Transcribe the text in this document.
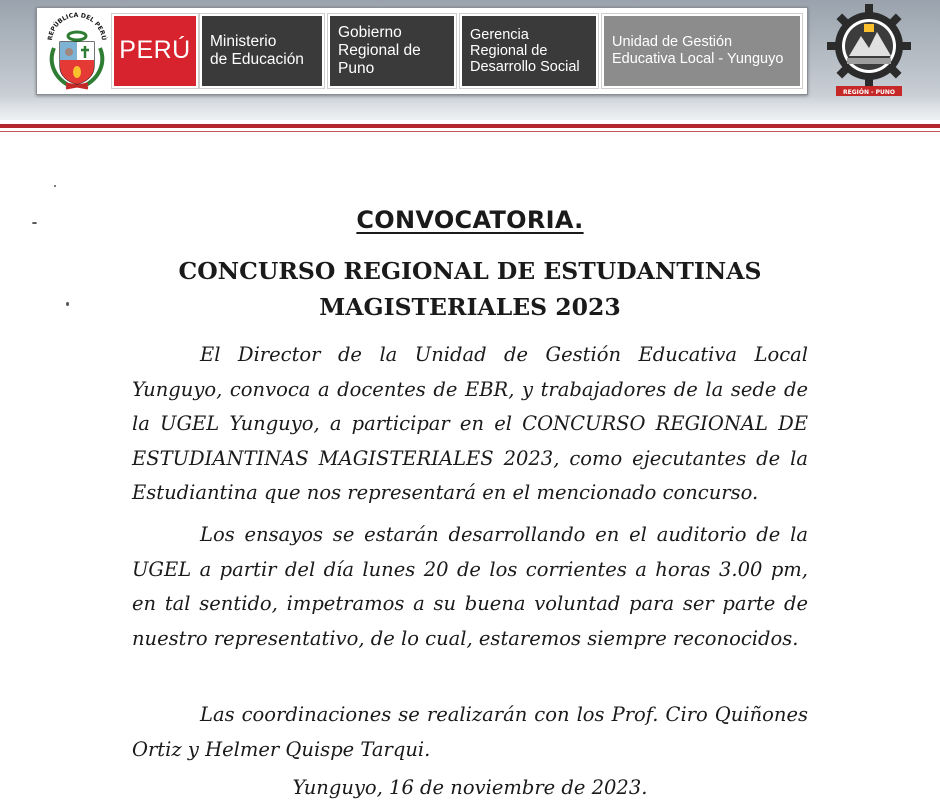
REPÚBLICA DEL PERÚ PERÚ	Ministerio
de Educación
Gobierno
Regional de Puno
Gerencia
Regional de
Desarrollo Social
Unidad de Gestión
Educativa Local - Yunguyo
REGIÓN - PUNO
CONVOCATORIA.
CONCURSO REGIONAL DE ESTUDANTINAS
MAGISTERIALES 2023

El Director de la Unidad de Gestión Educativa Local Yunguyo, convoca a docentes de EBR, y trabajadores de la sede de la UGEL Yunguyo, a participar en el CONCURSO REGIONAL DE ESTUDIANTINAS MAGISTERIALES 2023, como ejecutantes de la Estudiantina que nos representará en el mencionado concurso.

Los ensayos se estarán desarrollando en el auditorio de la UGEL a partir del día lunes 20 de los corrientes a horas 3.00 pm, en tal sentido, impetramos a su buena voluntad para ser parte de nuestro representativo, de lo cual, estaremos siempre reconocidos.

Las coordinaciones se realizarán con los Prof. Ciro Quiñones Ortiz y Helmer Quispe Tarqui.

Yunguyo, 16 de noviembre de 2023.
